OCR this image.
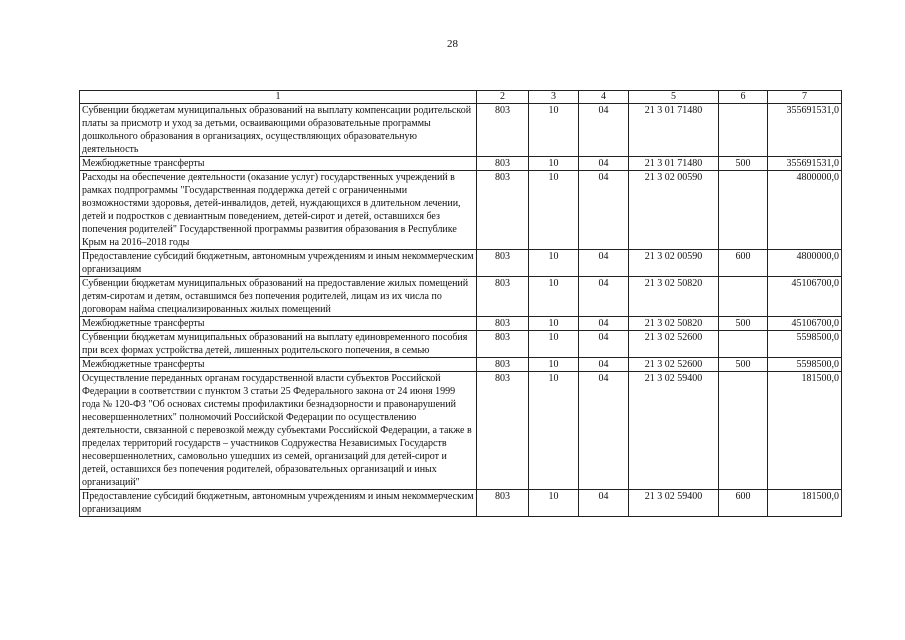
28
1	2	3	4	5	6	7
Субвенции бюджетам муниципальных образований на выплату компенсации родительской платы за присмотр и уход за детьми, осваивающими образовательные программы дошкольного образования в организациях, осуществляющих образовательную деятельность	803	10	04	21 3 01 71480		355691531,0
Межбюджетные трансферты	803	10	04	21 3 01 71480	500	355691531,0
Расходы на обеспечение деятельности (оказание услуг) государственных учреждений в рамках подпрограммы "Государственная поддержка детей с ограниченными возможностями здоровья, детей-инвалидов, детей, нуждающихся в длительном лечении, детей и подростков с девиантным поведением, детей-сирот и детей, оставшихся без попечения родителей" Государственной программы развития образования в Республике Крым на 2016–2018 годы	803	10	04	21 3 02 00590		4800000,0
Предоставление субсидий бюджетным, автономным учреждениям и иным некоммерческим организациям	803	10	04	21 3 02 00590	600	4800000,0
Субвенции бюджетам муниципальных образований на предоставление жилых помещений детям-сиротам и детям, оставшимся без попечения родителей, лицам из их числа по договорам найма специализированных жилых помещений	803	10	04	21 3 02 50820		45106700,0
Межбюджетные трансферты	803	10	04	21 3 02 50820	500	45106700,0
Субвенции бюджетам муниципальных образований на выплату единовременного пособия при всех формах устройства детей, лишенных родительского попечения, в семью	803	10	04	21 3 02 52600		5598500,0
Межбюджетные трансферты	803	10	04	21 3 02 52600	500	5598500,0
Осуществление переданных органам государственной власти субъектов Российской Федерации в соответствии с пунктом 3 статьи 25 Федерального закона от 24 июня 1999 года № 120-ФЗ "Об основах системы профилактики безнадзорности и правонарушений несовершеннолетних" полномочий Российской Федерации по осуществлению деятельности, связанной с перевозкой между субъектами Российской Федерации, а также в пределах территорий государств – участников Содружества Независимых Государств несовершеннолетних, самовольно ушедших из семей, организаций для детей-сирот и детей, оставшихся без попечения родителей, образовательных организаций и иных организаций"	803	10	04	21 3 02 59400		181500,0
Предоставление субсидий бюджетным, автономным учреждениям и иным некоммерческим организациям	803	10	04	21 3 02 59400	600	181500,0
